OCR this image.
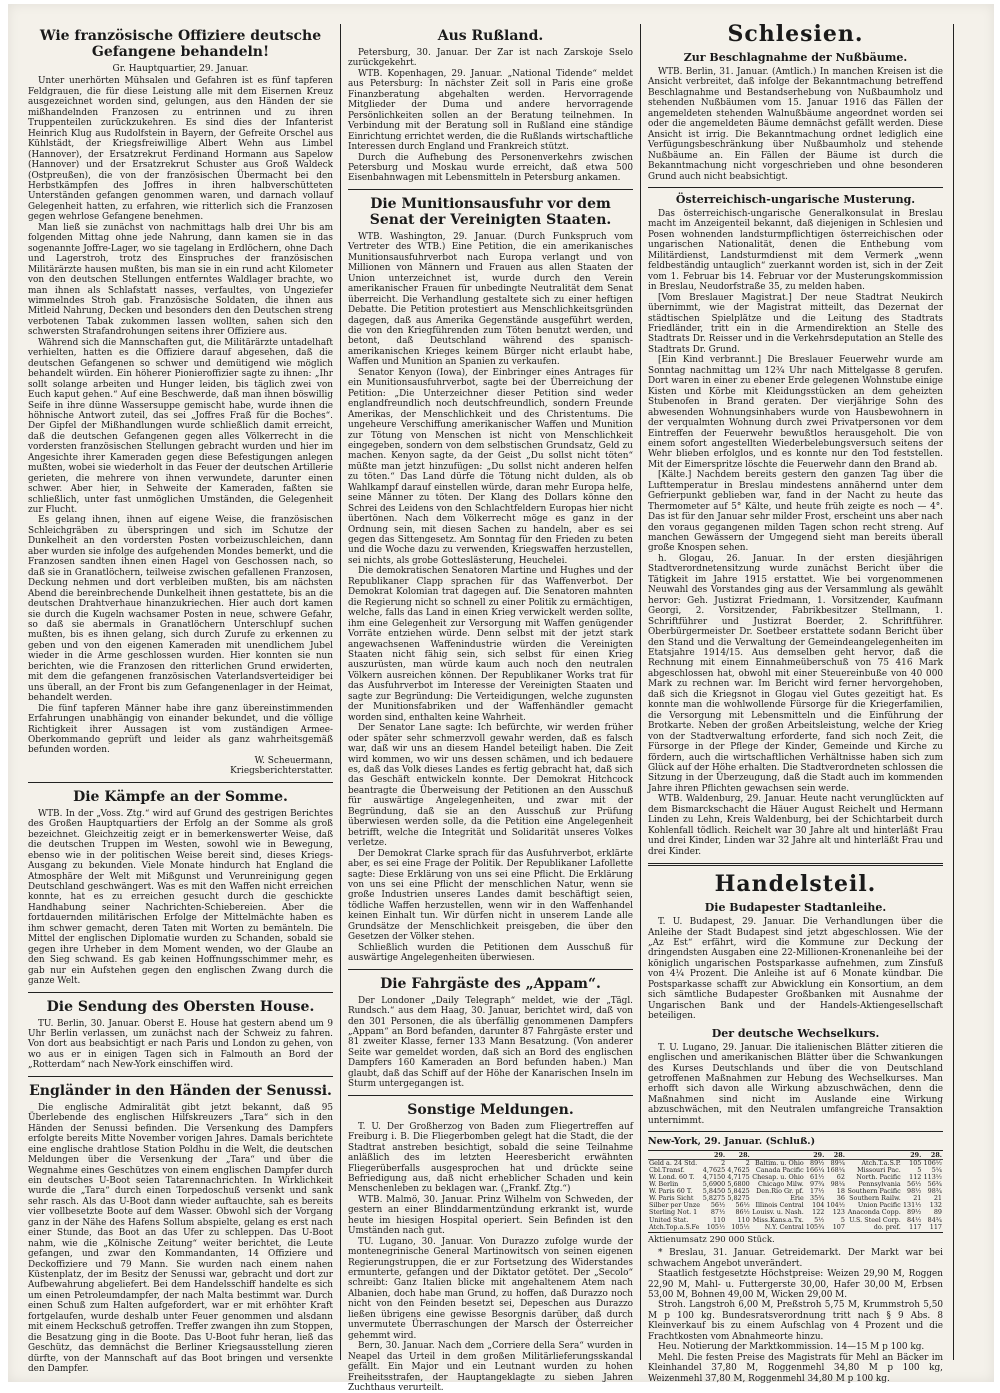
Wie französische Offiziere deutsche Gefangene behandeln!
Gr. Hauptquartier, 29. Januar.

Unter unerhörten Mühsalen und Gefahren ist es fünf tapferen Feldgrauen, die für diese Leistung alle mit dem Eisernen Kreuz ausgezeichnet worden sind, gelungen, aus den Händen der sie mißhandelnden Franzosen zu entrinnen und zu ihren Truppenteilen zurückzukehren. Es sind dies der Infanterist Heinrich Klug aus Rudolfstein in Bayern, der Gefreite Orschel aus Kühlstädt, der Kriegsfreiwillige Albert Wehn aus Limbel (Hannover), der Ersatzrekrut Ferdinand Hormann aus Sapelow (Hannover) und der Ersatzrekrut Schuster aus Groß Waldeck (Ostpreußen), die von der französischen Übermacht bei den Herbstkämpfen des Joffres in ihren halbverschütteten Unterständen gefangen genommen waren, und darnach vollauf Gelegenheit hatten, zu erfahren, wie ritterlich sich die Franzosen gegen wehrlose Gefangene benehmen.

Man ließ sie zunächst von nachmittags halb drei Uhr bis am folgenden Mittag ohne jede Nahrung, dann kamen sie in das sogenannte Joffre-Lager, wo sie tagelang in Erdlöchern, ohne Dach und Lagerstroh, trotz des Einspruches der französischen Militärärzte hausen mußten, bis man sie in ein rund acht Kilometer von den deutschen Stellungen entferntes Waldlager brachte, wo man ihnen als Schlafstatt nasses, verfaultes, von Ungeziefer wimmelndes Stroh gab. Französische Soldaten, die ihnen aus Mitleid Nahrung, Decken und besonders den den Deutschen streng verbotenen Tabak zukommen lassen wollten, sahen sich den schwersten Strafandrohungen seitens ihrer Offiziere aus.

Während sich die Mannschaften gut, die Militärärzte untadelhaft verhielten, hatten es die Offiziere darauf abgesehen, daß die deutschen Gefangenen so schwer und demütigend wie möglich behandelt würden. Ein höherer Pionieroffizier sagte zu ihnen: „Ihr sollt solange arbeiten und Hunger leiden, bis täglich zwei von Euch kaput gehen.“ Auf eine Beschwerde, daß man ihnen böswillig Seife in ihre dünne Wassersuppe gemischt habe, wurde ihnen die höhnische Antwort zuteil, das sei „Joffres Fraß für die Boches“. Der Gipfel der Mißhandlungen wurde schließlich damit erreicht, daß die deutschen Gefangenen gegen alles Völkerrecht in die vordersten französischen Stellungen gebracht wurden und hier im Angesichte ihrer Kameraden gegen diese Befestigungen anlegen mußten, wobei sie wiederholt in das Feuer der deutschen Artillerie gerieten, die mehrere von ihnen verwundete, darunter einen schwer. Aber hier, in Sehweite der Kameraden, faßten sie schließlich, unter fast unmöglichen Umständen, die Gelegenheit zur Flucht.

Es gelang ihnen, ihnen auf eigene Weise, die französischen Schleichgräben zu überspringen und sich im Schutze der Dunkelheit an den vordersten Posten vorbeizuschleichen, dann aber wurden sie infolge des aufgehenden Mondes bemerkt, und die Franzosen sandten ihnen einen Hagel von Geschossen nach, so daß sie in Granatlöchern, teilweise zwischen gefallenen Franzosen, Deckung nehmen und dort verbleiben mußten, bis am nächsten Abend die bereinbrechende Dunkelheit ihnen gestattete, bis an die deutschen Drahtverhaue hinanzukriechen. Hier auch dort kamen sie durch die Kugeln wachsamer Posten in neue, schwere Gefahr, so daß sie abermals in Granatlöchern Unterschlupf suchen mußten, bis es ihnen gelang, sich durch Zurufe zu erkennen zu geben und von den eigenen Kameraden mit unendlichem Jubel wieder in die Arme geschlossen wurden. Hier konnten sie nun berichten, wie die Franzosen den ritterlichen Grund erwiderten, mit dem die gefangenen französischen Vaterlandsverteidiger bei uns überall, an der Front bis zum Gefangenenlager in der Heimat, behandelt werden.

Die fünf tapferen Männer habe ihre ganz übereinstimmenden Erfahrungen unabhängig von einander bekundet, und die völlige Richtigkeit ihrer Aussagen ist vom zuständigen Armee-Oberkommando geprüft und leider als ganz wahrheitsgemäß befunden worden.

W. Scheuermann,

Kriegsberichterstatter.

Die Kämpfe an der Somme.

WTB. In der „Voss. Ztg.“ wird auf Grund des gestrigen Berichtes des Großen Hauptquartiers der Erfolg an der Somme als groß bezeichnet. Gleichzeitig zeigt er in bemerkenswerter Weise, daß die deutschen Truppen im Westen, sowohl wie in Bewegung, ebenso wie in der politischen Weise bereit sind, dieses Kriegs-Ausgang zu bekunden. Viele Monate hindurch hat England die Atmosphäre der Welt mit Mißgunst und Verunreinigung gegen Deutschland geschwängert. Was es mit den Waffen nicht erreichen konnte, hat es zu erreichen gesucht durch die geschickte Handhabung seiner Nachrichten-Schiebereien. Aber die fortdauernden militärischen Erfolge der Mittelmächte haben es ihm schwer gemacht, deren Taten mit Worten zu bemänteln. Die Mittel der englischen Diplomatie wurden zu Schanden, sobald sie gegen ihre Urheber in dem Moment wenden, wo der Glaube an den Sieg schwand. Es gab keinen Hoffnungsschimmer mehr, es gab nur ein Aufstehen gegen den englischen Zwang durch die ganze Welt.

Die Sendung des Obersten House.

TU. Berlin, 30. Januar. Oberst E. House hat gestern abend um 9 Uhr Berlin verlassen, um zunächst nach der Schweiz zu fahren. Von dort aus beabsichtigt er nach Paris und London zu gehen, von wo aus er in einigen Tagen sich in Falmouth an Bord der „Rotterdam“ nach New-York einschiffen wird.

Engländer in den Händen der Senussi.

Die englische Admiralität gibt jetzt bekannt, daß 95 Überlebende des englischen Hilfskreuzers „Tara“ sich in den Händen der Senussi befinden. Die Versenkung des Dampfers erfolgte bereits Mitte November vorigen Jahres. Damals berichtete eine englische drahtlose Station Poldhu in die Welt, die deutschen Meldungen über die Versenkung der „Tara“ und über die Wegnahme eines Geschützes von einem englischen Dampfer durch ein deutsches U-Boot seien Tatarennachrichten. In Wirklichkeit wurde die „Tara“ durch einen Torpedoschuß versenkt und sank sehr rasch. Als das U-Boot dann wieder auftauchte, sah es bereits vier vollbesetzte Boote auf dem Wasser. Obwohl sich der Vorgang ganz in der Nähe des Hafens Sollum abspielte, gelang es erst nach einer Stunde, das Boot an das Ufer zu schleppen. Das U-Boot nahm, wie die „Kölnische Zeitung“ weiter berichtet, die Leute gefangen, und zwar den Kommandanten, 14 Offiziere und Deckoffiziere und 79 Mann. Sie wurden nach einem nahen Küstenplatz, der im Besitz der Senussi war, gebracht und dort zur Aufbewahrung abgeliefert. Bei dem Handelsschiff handelte es sich um einen Petroleumdampfer, der nach Malta bestimmt war. Durch einen Schuß zum Halten aufgefordert, war er mit erhöhter Kraft fortgelaufen, wurde deshalb unter Feuer genommen und alsdann mit einem Heckschuß getroffen. Treffer zwangen ihn zum Stoppen, die Besatzung ging in die Boote. Das U-Boot fuhr heran, ließ das Geschütz, das demnächst die Berliner Kriegsausstellung zieren dürfte, von der Mannschaft auf das Boot bringen und versenkte den Dampfer.

Aus Rußland.

Petersburg, 30. Januar. Der Zar ist nach Zarskoje Sselo zurückgekehrt.

WTB. Kopenhagen, 29. Januar. „National Tidende“ meldet aus Petersburg: In nächster Zeit soll in Paris eine große Finanzberatung abgehalten werden. Hervorragende Mitglieder der Duma und andere hervorragende Persönlichkeiten sollen an der Beratung teilnehmen. In Verbindung mit der Beratung soll in Rußland eine ständige Einrichtung errichtet werden, die die Rußlands wirtschaftliche Interessen durch England und Frankreich stützt.

Durch die Aufhebung des Personenverkehrs zwischen Petersburg und Moskau wurde erreicht, daß etwa 500 Eisenbahnwagen mit Lebensmitteln in Petersburg ankamen.

Die Munitionsausfuhr vor dem Senat der Vereinigten Staaten.

WTB. Washington, 29. Januar. (Durch Funkspruch vom Vertreter des WTB.) Eine Petition, die ein amerikanisches Munitionsausfuhrverbot nach Europa verlangt und von Millionen von Männern und Frauen aus allen Staaten der Union unterzeichnet ist, wurde durch den Verein amerikanischer Frauen für unbedingte Neutralität dem Senat überreicht. Die Verhandlung gestaltete sich zu einer heftigen Debatte. Die Petition protestiert aus Menschlichkeitsgründen dagegen, daß aus Amerika Gegenstände ausgeführt werden, die von den Kriegführenden zum Töten benutzt werden, und betont, daß Deutschland während des spanisch-amerikanischen Krieges keinem Bürger nicht erlaubt habe, Waffen und Munition an Spanien zu verkaufen.

Senator Kenyon (Iowa), der Einbringer eines Antrages für ein Munitionsausfuhrverbot, sagte bei der Überreichung der Petition: „Die Unterzeichner dieser Petition sind weder englandfreundlich noch deutschfreundlich, sondern Freunde Amerikas, der Menschlichkeit und des Christentums. Die ungeheure Verschiffung amerikanischer Waffen und Munition zur Tötung von Menschen ist nicht von Menschlichkeit eingegeben, sondern von dem selbstischen Grundsatz, Geld zu machen. Kenyon sagte, da der Geist „Du sollst nicht töten“ müßte man jetzt hinzufügen: „Du sollst nicht anderen helfen zu töten.“ Das Land dürfe die Tötung nicht dulden, als ob Wahlkampf darauf einstellen würde, daran mehr Europa helfe, seine Männer zu töten. Der Klang des Dollars könne den Schrei des Leidens von den Schlachtfeldern Europas hier nicht übertönen. Nach dem Völkerrecht möge es ganz in der Ordnung sein, mit diesen Sachen zu handeln, aber es sei gegen das Sittengesetz. Am Sonntag für den Frieden zu beten und die Woche dazu zu verwenden, Kriegswaffen herzustellen, sei nichts, als grobe Gotteslästerung, Heuchelei.

Die demokratischen Senatoren Martine und Hughes und der Republikaner Clapp sprachen für das Waffenverbot. Der Demokrat Kolomian trat dagegen auf. Die Senatoren mahnten die Regierung nicht so schnell zu einer Politik zu ermächtigen, welche, falls das Land in einen Krieg verwickelt werden sollte, ihm eine Gelegenheit zur Versorgung mit Waffen genügender Vorräte entziehen würde. Denn selbst mit der jetzt stark angewachsenen Waffenindustrie würden die Vereinigten Staaten nicht fähig sein, sich selbst für einen Krieg auszurüsten, man würde kaum auch noch den neutralen Völkern ausreichen können. Der Republikaner Works trat für das Ausfuhrverbot im Interesse der Vereinigten Staaten und sagte zur Begründung: Die Verteidigungen, welche zugunsten der Munitionsfabriken und der Waffenhändler gemacht worden sind, enthalten keine Wahrheit.

Der Senator Lane sagte: Ich befürchte, wir werden früher oder später sehr schmerzvoll gewahr werden, daß es falsch war, daß wir uns an diesem Handel beteiligt haben. Die Zeit wird kommen, wo wir uns dessen schämen, und ich bedauere es, daß das Volk dieses Landes es fertig gebracht hat, daß sich das Geschäft entwickeln konnte. Der Demokrat Hitchcock beantragte die Überweisung der Petitionen an den Ausschuß für auswärtige Angelegenheiten, und zwar mit der Begründung, daß sie an den Ausschuß zur Prüfung überwiesen werden solle, da die Petition eine Angelegenheit betrifft, welche die Integrität und Solidarität unseres Volkes verletze.

Der Demokrat Clarke sprach für das Ausfuhrverbot, erklärte aber, es sei eine Frage der Politik. Der Republikaner Lafollette sagte: Diese Erklärung von uns sei eine Pflicht. Die Erklärung von uns sei eine Pflicht der menschlichen Natur, wenn sie große Industrien unseres Landes damit beschäftigt seien, tödliche Waffen herzustellen, wenn wir in den Waffenhandel keinen Einhalt tun. Wir dürfen nicht in unserem Lande alle Grundsätze der Menschlichkeit preisgeben, die über den Gesetzen der Völker stehen.

Schließlich wurden die Petitionen dem Ausschuß für auswärtige Angelegenheiten überwiesen.

Die Fahrgäste des „Appam“.

Der Londoner „Daily Telegraph“ meldet, wie der „Tägl. Rundsch.“ aus dem Haag, 30. Januar, berichtet wird, daß von den 301 Personen, die als überfällig genommenen Dampfers „Appam“ an Bord befanden, darunter 87 Fahrgäste erster und 81 zweiter Klasse, ferner 133 Mann Besatzung. (Von anderer Seite war gemeldet worden, daß sich an Bord des englischen Dampfers 160 Kameraden an Bord befunden haben.) Man glaubt, daß das Schiff auf der Höhe der Kanarischen Inseln im Sturm untergegangen ist.

Sonstige Meldungen.

T. U. Der Großherzog von Baden zum Fliegertreffen auf Freiburg i. B. Die Fliegerbomben gelegt hat die Stadt, die der Stadtrat anstreben besichtigt, sobald die seine Teilnahme anläßlich des im letzten Heeresbericht erwähnten Fliegerüberfalls ausgesprochen hat und drückte seine Befriedigung aus, daß nicht erheblicher Schaden und kein Menschenleben zu beklagen war. („Frankf. Ztg.“)

WTB. Malmö, 30. Januar. Prinz Wilhelm von Schweden, der gestern an einer Blinddarmentzündung erkrankt ist, wurde heute im hiesigen Hospital operiert. Sein Befinden ist den Umständen nach gut.

TU. Lugano, 30. Januar. Von Durazzo zufolge wurde der montenegrinische General Martinowitsch von seinen eigenen Regierungstruppen, die er zur Fortsetzung des Widerstandes ermunterte, gefangen und der Diktator getötet. Der „Secolo“ schreibt: Ganz Italien blicke mit angehaltenem Atem nach Albanien, doch habe man Grund, zu hoffen, daß Durazzo noch nicht von den Feinden besetzt sei, Depeschen aus Durazzo ließen übrigens eine gewisse Besorgnis darüber, daß durch unvermutete Überraschungen der Marsch der Österreicher gehemmt wird.

Bern, 30. Januar. Nach dem „Corriere della Sera“ wurden in Neapel das Urteil in dem großen Militärlieferungsskandal gefällt. Ein Major und ein Leutnant wurden zu hohen Freiheitsstrafen, der Hauptangeklagte zu sieben Jahren Zuchthaus verurteilt.

Schlesien.
Zur Beschlagnahme der Nußbäume.

WTB. Berlin, 31. Januar. (Amtlich.) In manchen Kreisen ist die Ansicht verbreitet, daß infolge der Bekanntmachung betreffend Beschlagnahme und Bestandserhebung von Nußbaumholz und stehenden Nußbäumen vom 15. Januar 1916 das Fällen der angemeldeten stehenden Walnußbäume angeordnet worden sei oder die angemeldeten Bäume demnächst gefällt werden. Diese Ansicht ist irrig. Die Bekanntmachung ordnet lediglich eine Verfügungsbeschränkung über Nußbaumholz und stehende Nußbäume an. Ein Fällen der Bäume ist durch die Bekanntmachung nicht vorgeschrieben und ohne besonderen Grund auch nicht beabsichtigt.

Österreichisch-ungarische Musterung.

Das österreichisch-ungarische Generalkonsulat in Breslau macht im Anzeigenteil bekannt, daß diejenigen in Schlesien und Posen wohnenden landsturmpflichtigen österreichischen oder ungarischen Nationalität, denen die Enthebung vom Militärdienst, Landsturmdienst mit dem Vermerk „wenn feldbeständig untauglich“ zuerkannt worden ist, sich in der Zeit vom 1. Februar bis 14. Februar vor der Musterungskommission in Breslau, Neudorfstraße 35, zu melden haben.

[Vom Breslauer Magistrat.] Der neue Stadtrat Neukirch übernimmt, wie der Magistrat mitteilt, das Dezernat der städtischen Spielplätze und die Leitung des Stadtrats Friedländer, tritt ein in die Armendirektion an Stelle des Stadtrats Dr. Reisser und in die Verkehrsdeputation an Stelle des Stadtrats Dr. Grund.

[Ein Kind verbrannt.] Die Breslauer Feuerwehr wurde am Sonntag nachmittag um 12¾ Uhr nach Mittelgasse 8 gerufen. Dort waren in einer zu ebener Erde gelegenen Wohnstube einige Kisten und Körbe mit Kleidungsstücken an dem geheizten Stubenofen in Brand geraten. Der vierjährige Sohn des abwesenden Wohnungsinhabers wurde von Hausbewohnern in der verqualmten Wohnung durch zwei Privatpersonen vor dem Eintreffen der Feuerwehr bewußtlos herausgeholt. Die von einem sofort angestellten Wiederbelebungsversuch seitens der Wehr blieben erfolglos, und es konnte nur den Tod feststellen. Mit der Eimerspritze löschte die Feuerwehr dann den Brand ab.

[Kälte.] Nachdem bereits gestern den ganzen Tag über die Lufttemperatur in Breslau mindestens annähernd unter dem Gefrierpunkt geblieben war, fand in der Nacht zu heute das Thermometer auf 5° Kälte, und heute früh zeigte es noch — 4°. Das ist für den Januar sehr milder Frost, erscheint uns aber nach den voraus gegangenen milden Tagen schon recht streng. Auf manchen Gewässern der Umgegend sieht man bereits überall große Knospen sehen.

h. Glogau, 26. Januar. In der ersten diesjährigen Stadtverordnetensitzung wurde zunächst Bericht über die Tätigkeit im Jahre 1915 erstattet. Wie bei vorgenommenen Neuwahl des Vorstandes ging aus der Versammlung als gewählt hervor: Geh. Justizrat Friedmann, 1. Vorsitzender, Kaufmann Georgi, 2. Vorsitzender, Fabrikbesitzer Stellmann, 1. Schriftführer und Justizrat Boerder, 2. Schriftführer. Oberbürgermeister Dr. Soetbeer erstattete sodann Bericht über den Stand und die Verwaltung der Gemeindeangelegenheiten im Etatsjahre 1914/15. Aus demselben geht hervor, daß die Rechnung mit einem Einnahmeüberschuß von 75 416 Mark abgeschlossen hat, obwohl mit einer Steuereinbuße von 40 000 Mark zu rechnen war. Im Bericht wird ferner hervorgehoben, daß sich die Kriegsnot in Glogau viel Gutes gezeitigt hat. Es konnte man die wohlwollende Fürsorge für die Kriegerfamilien, die Versorgung mit Lebensmitteln und die Einführung der Brotkarte. Neben der großen Arbeitsleistung, welche der Krieg von der Stadtverwaltung erforderte, fand sich noch Zeit, die Fürsorge in der Pflege der Kinder, Gemeinde und Kirche zu fördern, auch die wirtschaftlichen Verhältnisse haben sich zum Glück auf der Höhe erhalten. Die Stadtverordneten schlossen die Sitzung in der Überzeugung, daß die Stadt auch im kommenden Jahre ihren Pflichten gewachsen sein werde.

WTB. Waldenburg, 29. Januar. Heute nacht verunglückten auf dem Bismarckschacht die Häuer August Reichelt und Hermann Linden zu Lehn, Kreis Waldenburg, bei der Schichtarbeit durch Kohlenfall tödlich. Reichelt war 30 Jahre alt und hinterläßt Frau und drei Kinder, Linden war 32 Jahre alt und hinterläßt Frau und drei Kinder.

Handelsteil.
Die Budapester Stadtanleihe.

T. U. Budapest, 29. Januar. Die Verhandlungen über die Anleihe der Stadt Budapest sind jetzt abgeschlossen. Wie der „Az Est“ erfährt, wird die Kommune zur Deckung der dringendsten Ausgaben eine 22-Millionen-Kronenanleihe bei der königlich ungarischen Postsparkasse aufnehmen, zum Zinsfuß von 4¼ Prozent. Die Anleihe ist auf 6 Monate kündbar. Die Postsparkasse schafft zur Abwicklung ein Konsortium, an dem sich sämtliche Budapester Großbanken mit Ausnahme der Ungarischen Bank und der Handels-Aktiengesellschaft beteiligen.

Der deutsche Wechselkurs.

T. U. Lugano, 29. Januar. Die italienischen Blätter zitieren die englischen und amerikanischen Blätter über die Schwankungen des Kurses Deutschlands und über die von Deutschland getroffenen Maßnahmen zur Hebung des Wechselkurses. Man erhofft sich davon alle Wirkung abzuschwächen, denn die Maßnahmen sind nicht im Auslande eine Wirkung abzuschwächen, mit den Neutralen umfangreiche Transaktion unternimmt.

New-York, 29. Januar. (Schluß.)
	29.	28.		29.	28.		29.	28.
Geld a. 24 Std.	2	2	Baltim. u. Ohio	89½	89¼	Atch.T.a.S.P.	105	106½
Cbl.Transf.	4,7625	4,7625	Canada Pacific	166¼	168¼	Missouri Pac.	5	5¼
W. Lond. 60 T.	4,7150	4,7175	Chesap. u. Ohio	61½	62	North. Pacific	112	113½
W. Berlin	5,6900	5,6800	Chicago Milw.	97¾	98¼	Pennsylvania	56½	56¾
W. Paris 60 T.	5,8450	5,8425	Den.Rio Gr. pf.	17½	18	Southern Pacific	98½	98¾
W. Paris Sicht	5,8275	5,8275	Erie	35¾	36	Southern Railw.	21	21
Silber per Unze	56½	56½	Illinois Central	104	104½	Union Pacific	131½	132
Sterling Not. 1	87½	86½	Louisv. u. Nash.	122	123	Anaconda Copp.	89½	89
United Stat.	110	110	Miss.Kans.a.Tx.	5½	5	U.S. Steel Corp.	84½	84¾
Atch.Top.a.S.Fe	105½	105½	N.Y. Central	105¾	107	do. pref.	117	117
Aktienumsatz 290 000 Stück.

* Breslau, 31. Januar. Getreidemarkt. Der Markt war bei schwachem Angebot unverändert.

Staatlich festgesetzte Höchstpreise: Weizen 29,90 M, Roggen 22,90 M, Mahl- u. Futtergerste 30,00, Hafer 30,00 M, Erbsen 53,00 M, Bohnen 49,00 M, Wicken 29,00 M.

Stroh. Langstroh 6,00 M, Preßstroh 5,75 M, Krummstroh 5,50 M p 100 kg. Bundesratsverordnung tritt nach § 9 Abs. 8 Kleinverkauf bis zu einem Aufschlag von 4 Prozent und die Frachtkosten vom Abnahmeorte hinzu.

Heu. Notierung der Marktkommission. 14—15 M p 100 kg.

Mehl. Die festen Preise des Magistrats für Mehl an Bäcker im Kleinhandel 37,80 M, Roggenmehl 34,80 M p 100 kg, Weizenmehl 37,80 M, Roggenmehl 34,80 M p 100 kg.
